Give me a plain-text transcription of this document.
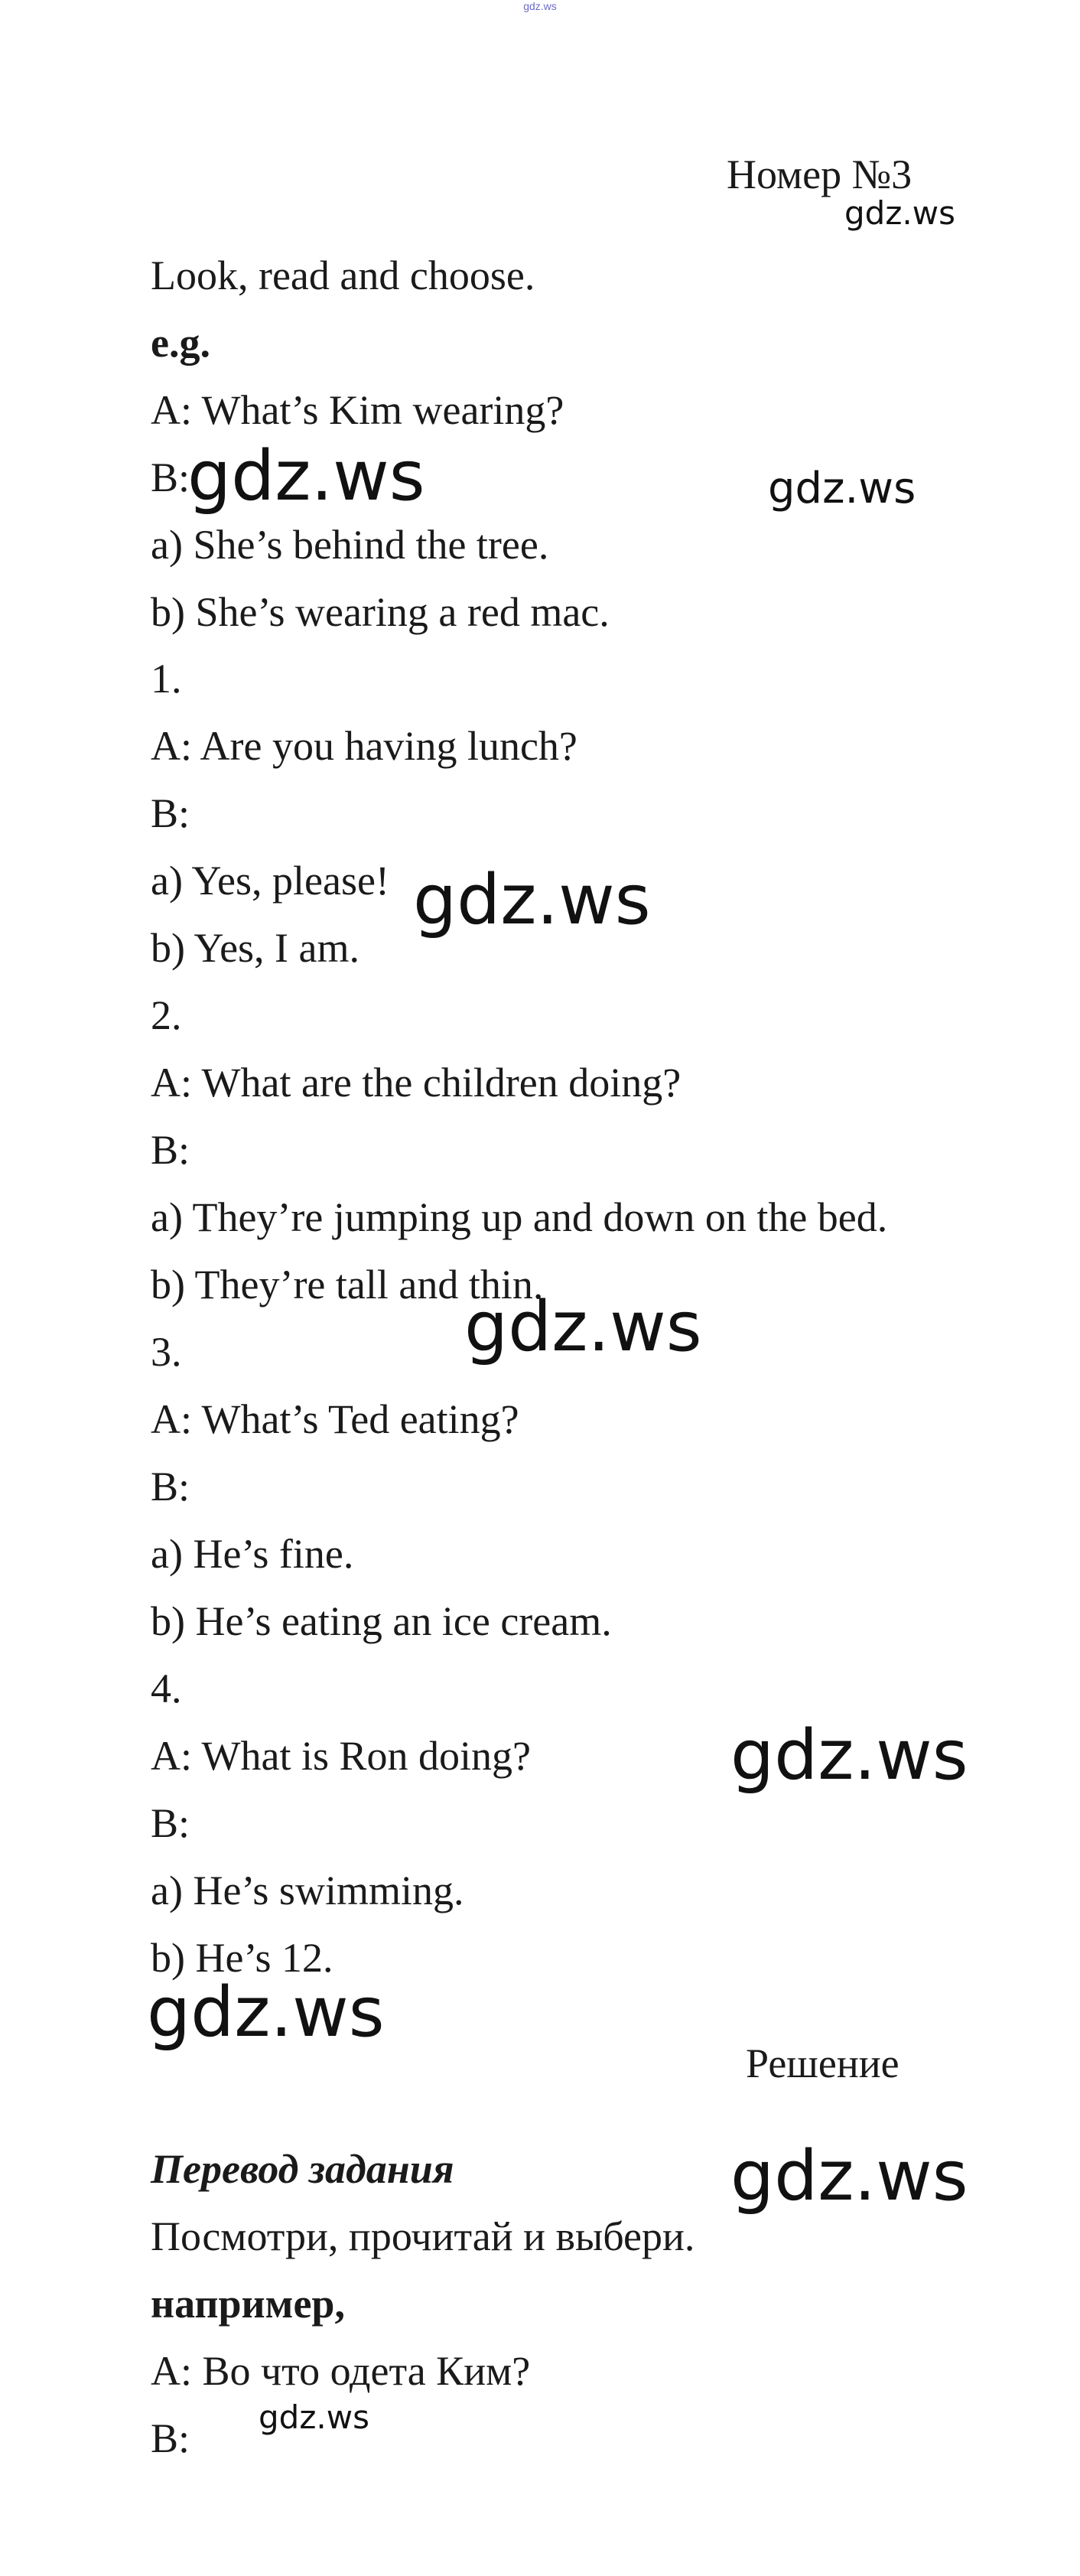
gdz.ws
Номер №3
gdz.ws
Look, read and choose.
e.g.
A: What’s Kim wearing?
B:
gdz.ws	gdz.ws
a) She’s behind the tree.
b) She’s wearing a red mac.
1.
A: Are you having lunch?
B:
a) Yes, please! gdz.ws
b) Yes, I am.
2.
A: What are the children doing?
B:
a) They’re jumping up and down on the bed.
b) They’re tall and thin.
gdz.ws
3.
A: What’s Ted eating?
B:
a) He’s fine.
b) He’s eating an ice cream.
4.
A: What is Ron doing?	gdz.ws
B:
a) He’s swimming.
b) He’s 12.
gdz.ws
Решение
Перевод задания	gdz.ws
Посмотри, прочитай и выбери.
например,
A: Во что одета Ким?
B: gdz.ws
